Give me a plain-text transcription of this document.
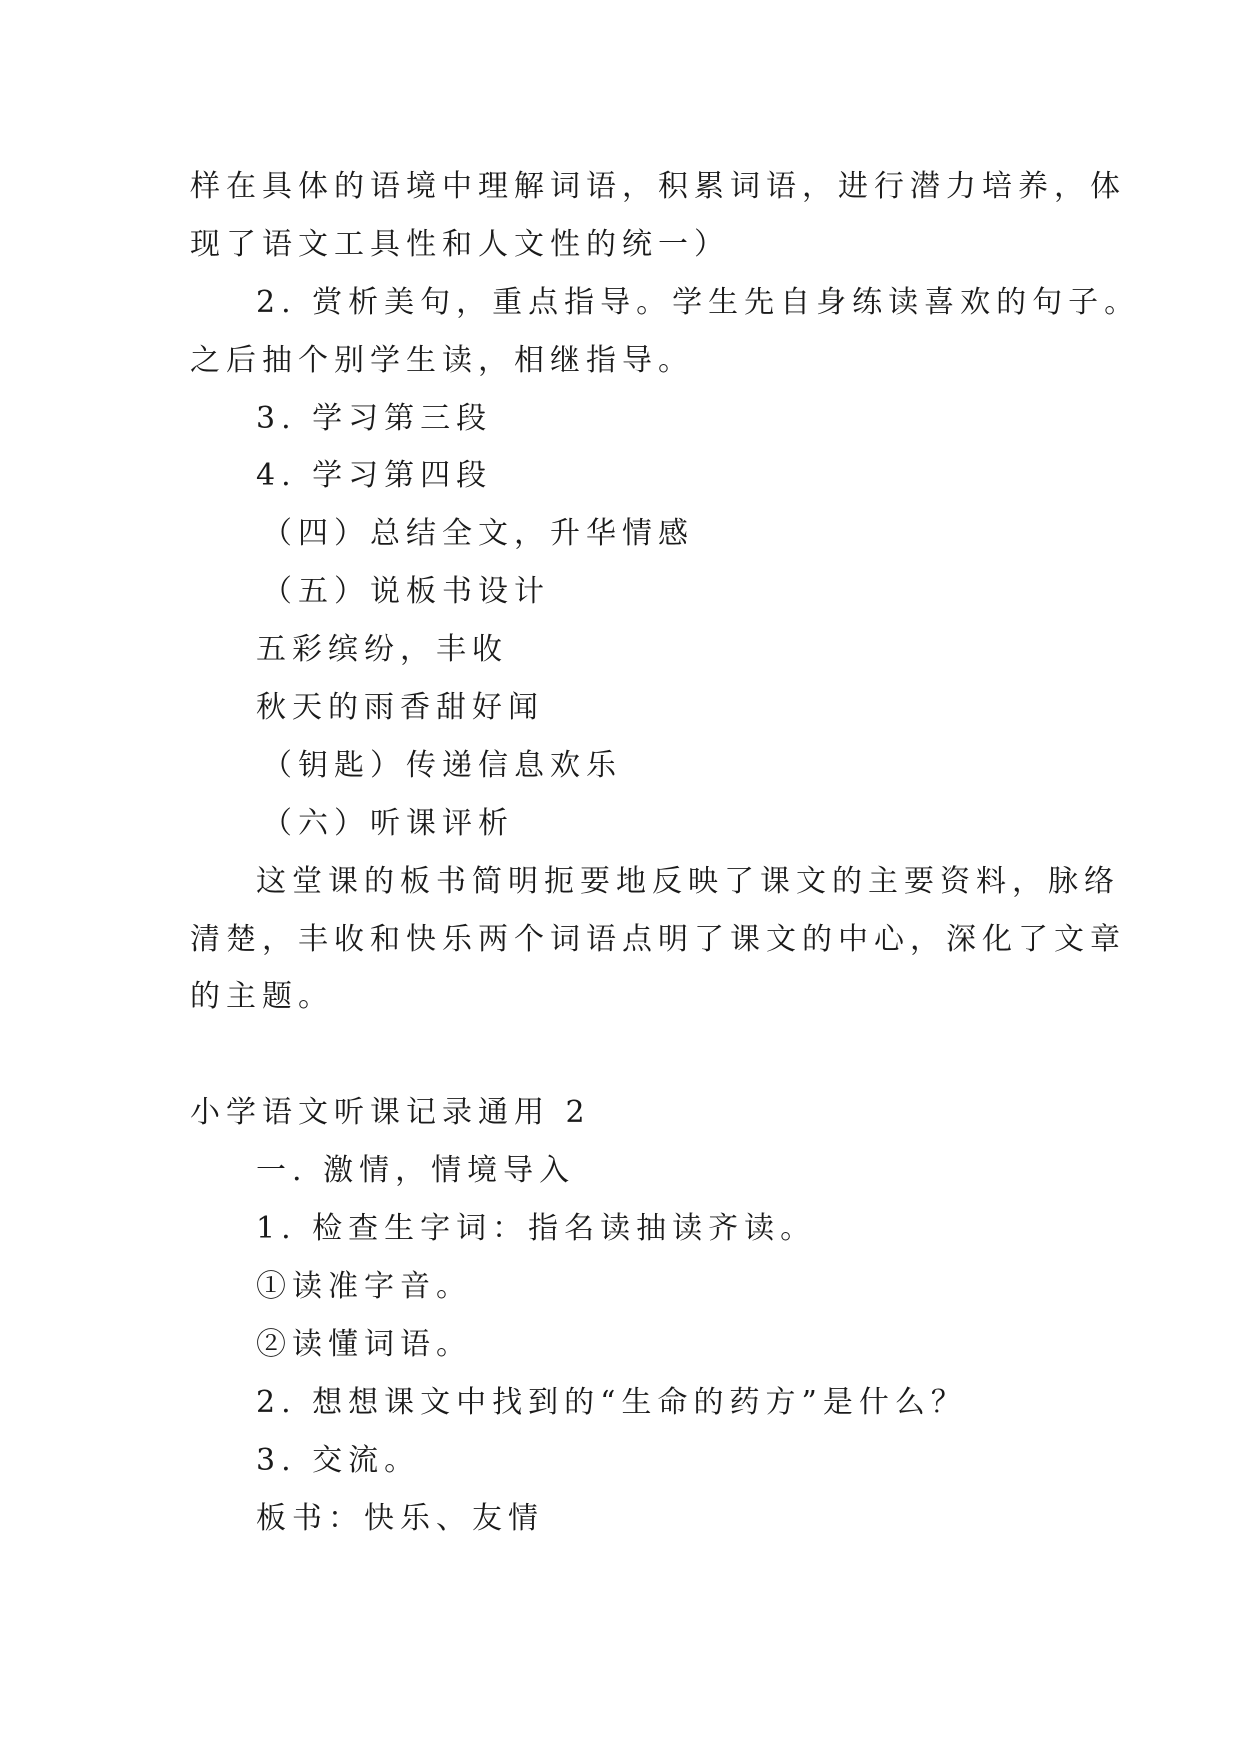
样在具体的语境中理解词语，积累词语，进行潜力培养，体
现了语文工具性和人文性的统一）
2. 赏析美句，重点指导。学生先自身练读喜欢的句子。
之后抽个别学生读，相继指导。
3. 学习第三段
4. 学习第四段
（四）总结全文，升华情感
（五）说板书设计
五彩缤纷，丰收
秋天的雨香甜好闻
（钥匙）传递信息欢乐
（六）听课评析
这堂课的板书简明扼要地反映了课文的主要资料，脉络
清楚，丰收和快乐两个词语点明了课文的中心，深化了文章
的主题。
小学语文听课记录通用 2
一. 激情，情境导入
1. 检查生字词：指名读抽读齐读。
①读准字音。
②读懂词语。
2. 想想课文中找到的“生命的药方”是什么？
3. 交流。
板书：快乐、友情
